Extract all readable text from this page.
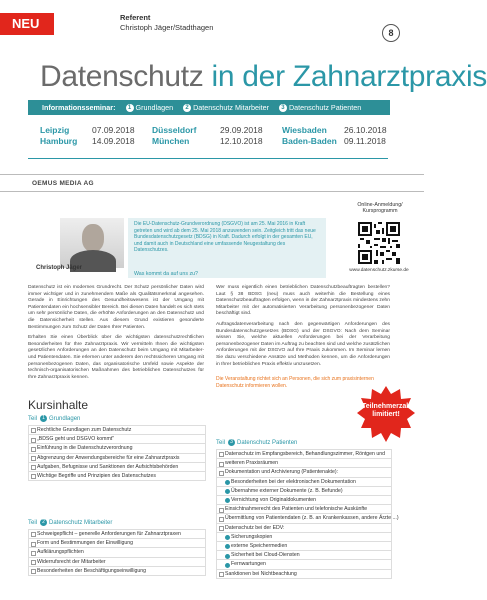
NEU	Referent
Christoph Jäger/Stadthagen
8
Datenschutz in der Zahnarztpraxis
Informationsseminar: 1 Grundlagen 2 Datenschutz Mitarbeiter 3 Datenschutz Patienten
Leipzig	07.09.2018
Hamburg 14.09.2018
Düsseldorf	29.09.2018
München	12.10.2018
Wiesbaden 26.10.2018
Baden-Baden 09.11.2018
OEMUS MEDIA AG
Christoph Jäger
Die EU-Datenschutz-Grundverordnung (DSGVO) ist am 25. Mai 2016 in Kraft getreten und wird ab dem 25. Mai 2018 anzuwenden sein. Zeitgleich tritt das neue Bundesdatenschutzgesetz (BDSG) in Kraft. Dadurch erfolgt in der gesamten EU, und damit auch in Deutschland eine umfassende Neugestaltung des Datenschutzes.
Was kommt da auf uns zu?
Online-Anmeldung/ Kursprogramm
www.datenschutz.zkurse.de

Datenschutz ist ein modernes Grundrecht. Der Schutz persönlicher Daten wird immer wichtiger und in zunehmendem Maße als Qualitätsmerkmal angesehen. Gerade in Einrichtungen des Gesundheitswesens ist der Umgang mit Patientendaten ein hochsensibler Bereich. Bei diesen Daten handelt es sich stets um sehr persönliche Daten, die erhöhte Anforderungen an den Datenschutz und die Datensicherheit stellen. Aus diesem Grund existieren gesonderte Bestimmungen zum Schutz der Daten Ihrer Patienten.

Erhalten Sie einen Überblick über die wichtigsten datenschutzrechtlichen Besonderheiten für Ihre Zahnarztpraxis. Wir vermitteln Ihnen die wichtigsten gesetzlichen Anforderungen an den Datenschutz beim Umgang mit Mitarbeiter- und Patientendaten. Sie erlernen unter anderem den rechtssicheren Umgang mit personenbezogenen Daten, das organisatorische Umfeld sowie Aspekte der technisch-organisatorischen Maßnahmen des betrieblichen Datenschutzes für Ihre Zahnarztpraxis kennen.

Wer muss eigentlich einen betrieblichen Datenschutzbeauftragten bestellen? Laut § 38 BDSG (neu) muss auch weiterhin die Bestellung eines Datenschutzbeauftragten erfolgen, wenn in der Zahnarztpraxis mindestens zehn Mitarbeiter mit der automatisierten Verarbeitung personenbezogener Daten beschäftigt sind.

Auftragsdatenverarbeitung nach den gegenwärtigen Anforderungen des Bundesdatenschutzgesetzes (BDSG) und der DSGVO: Nach dem Seminar wissen Sie, welche aktuellen Anforderungen bei der Verarbeitung personenbezogener Daten im Auftrag zu beachten sind und welche zusätzlichen Anforderungen mit der DSGVO auf Ihre Praxis zukommen. Im Seminar lernen Sie dazu verschiedene Ansätze und Methoden kennen, um die Anforderungen in Ihrer betrieblichen Praxis effektiv umzusetzen.

Die Veranstaltung richtet sich an Personen, die sich zum praxisinternen Datenschutz informieren wollen.
Teilnehmerzahl limitiert!
Kursinhalte
Teil 1 Grundlagen
Rechtliche Grundlagen zum Datenschutz
„BDSG geht und DSGVO kommt"
Einführung in die Datenschutzverordnung
Abgrenzung der Anwendungsbereiche für eine Zahnarztpraxis
Aufgaben, Befugnisse und Sanktionen der Aufsichtsbehörden
Wichtige Begriffe und Prinzipien des Datenschutzes
Teil 2 Datenschutz Mitarbeiter
Schweigepflicht – generelle Anforderungen für Zahnarztpraxen
Form und Bestimmungen der Einwilligung
Aufklärungspflichten
Widerrufsrecht der Mitarbeiter
Besonderheiten der Beschäftigungseinwilligung
Teil 3 Datenschutz Patienten
Datenschutz im Empfangsbereich, Behandlungszimmer, Röntgen und
weiteren Praxisräumen
Dokumentation und Archivierung (Patientenakte):
Besonderheiten bei der elektronischen Dokumentation
Übernahme externer Dokumente (z. B. Befunde)
Vernichtung von Originaldokumenten
Einsichtnahmerecht des Patienten und telefonische Auskünfte
Übermittlung von Patientendaten (z. B. an Krankenkassen, andere Ärzte ...)
Datenschutz bei der EDV:
Sicherungskopien
externe Speichermedien
Sicherheit bei Cloud-Diensten
Fernwartungen
Sanktionen bei Nichtbeachtung
